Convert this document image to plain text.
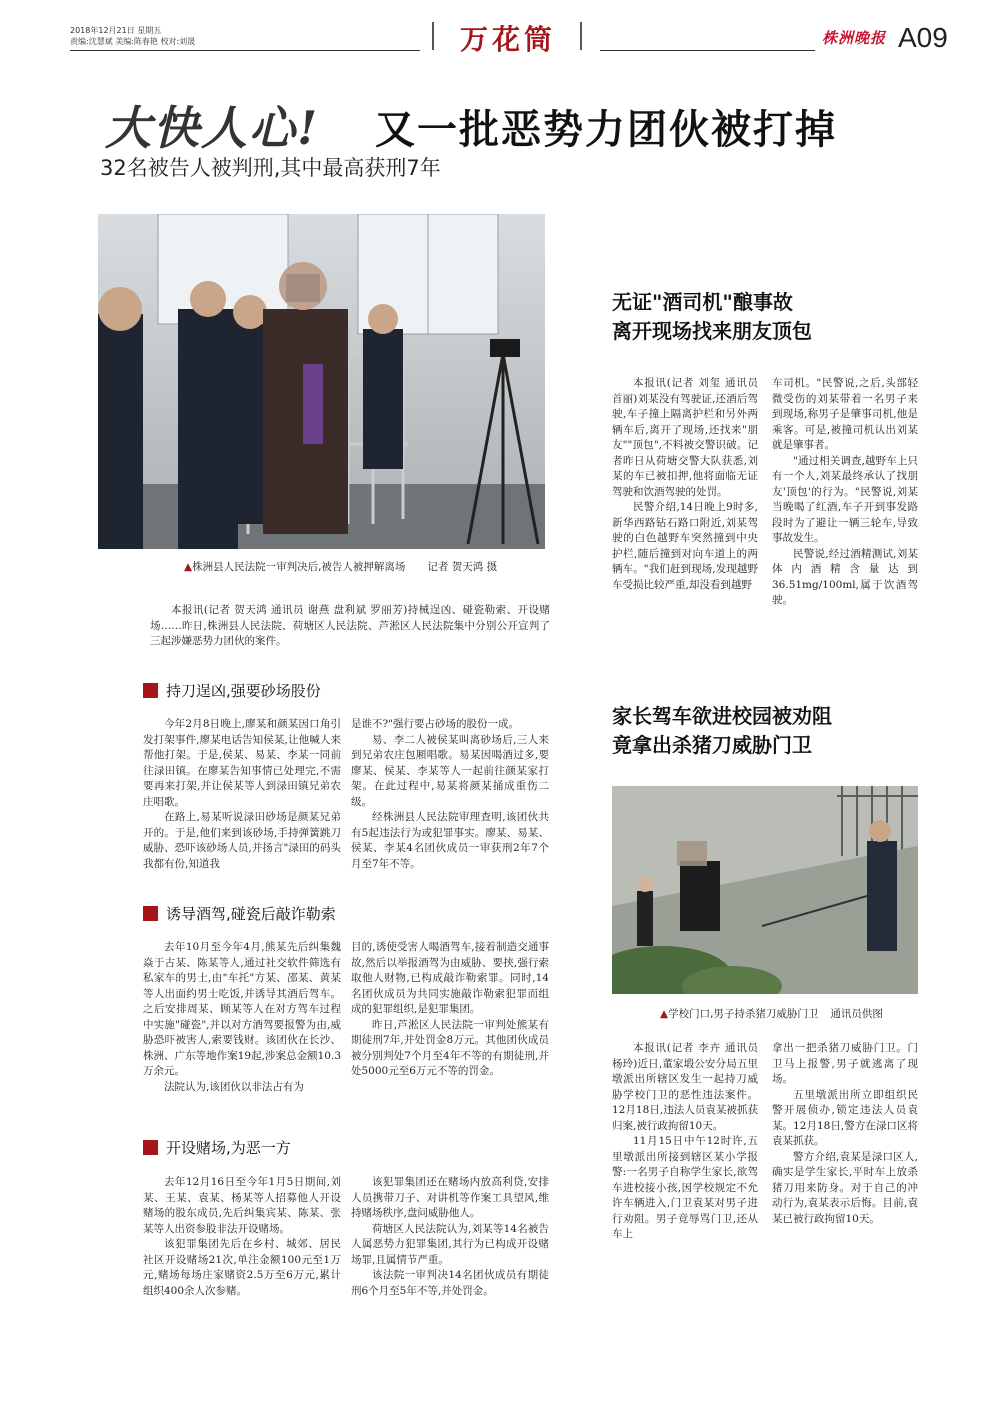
2018年12月21日 星期五
责编:沈慧斌 美编:陈春艳 校对:刘晟	万花筒	株洲晚报 A09
大快人心! 又一批恶势力团伙被打掉
32名被告人被判刑,其中最高获刑7年
▲株洲县人民法院一审判决后,被告人被押解离场 记者 贺天鸿 摄

本报讯(记者 贺天鸿 通讯员 谢燕 盘利斌 罗丽芳)持械逞凶、碰瓷勒索、开设赌场……昨日,株洲县人民法院、荷塘区人民法院、芦淞区人民法院集中分别公开宣判了三起涉嫌恶势力团伙的案件。

持刀逞凶,强要砂场股份

今年2月8日晚上,廖某和颜某因口角引发打架事件,廖某电话告知侯某,让他喊人来帮他打架。于是,侯某、易某、李某一同前往渌田镇。在廖某告知事情已处理完,不需要再来打架,并让侯某等人到渌田镇兄弟农庄唱歌。

在路上,易某听说渌田砂场是颜某兄弟开的。于是,他们来到该砂场,手持弹簧跳刀威胁、恐吓该砂场人员,并扬言"渌田的码头我都有份,知道我

是谁不?"强行要占砂场的股份一成。

易、李二人被侯某叫离砂场后,三人来到兄弟农庄包厢唱歌。易某因喝酒过多,要廖某、侯某、李某等人一起前往颜某家打架。在此过程中,易某将颜某捅成重伤二级。

经株洲县人民法院审理查明,该团伙共有5起违法行为或犯罪事实。廖某、易某、侯某、李某4名团伙成员一审获刑2年7个月至7年不等。

诱导酒驾,碰瓷后敲诈勒索

去年10月至今年4月,熊某先后纠集魏焱于古某、陈某等人,通过社交软件筛选有私家车的男士,由"车托"方某、邵某、黄某等人出面约男士吃饭,并诱导其酒后驾车。之后安排周某、顾某等人在对方驾车过程中实施"碰瓷",并以对方酒驾要报警为由,威胁恐吓被害人,索要钱财。该团伙在长沙、株洲、广东等地作案19起,涉案总金额10.3万余元。

法院认为,该团伙以非法占有为

目的,诱使受害人喝酒驾车,接着制造交通事故,然后以举报酒驾为由威胁、要挟,强行索取他人财物,已构成敲诈勒索罪。同时,14名团伙成员为共同实施敲诈勒索犯罪而组成的犯罪组织,是犯罪集团。

昨日,芦淞区人民法院一审判处熊某有期徒刑7年,并处罚金8万元。其他团伙成员被分别判处7个月至4年不等的有期徒刑,并处5000元至6万元不等的罚金。

开设赌场,为恶一方

去年12月16日至今年1月5日期间,刘某、王某、袁某、杨某等人招募他人开设赌场的股东成员,先后纠集宾某、陈某、张某等人出资参股非法开设赌场。

该犯罪集团先后在乡村、城郊、居民社区开设赌场21次,单注金额100元至1万元,赌场每场庄家赌资2.5万至6万元,累计组织400余人次参赌。

该犯罪集团还在赌场内放高利贷,安排人员携带刀子、对讲机等作案工具望风,维持赌场秩序,盘问威胁他人。

荷塘区人民法院认为,刘某等14名被告人属恶势力犯罪集团,其行为已构成开设赌场罪,且属情节严重。

该法院一审判决14名团伙成员有期徒刑6个月至5年不等,并处罚金。

无证"酒司机"酿事故
离开现场找来朋友顶包

本报讯(记者 刘玺 通讯员 首丽)刘某没有驾驶证,还酒后驾驶,车子撞上隔离护栏和另外两辆车后,离开了现场,还找来"朋友""顶包",不料被交警识破。记者昨日从荷塘交警大队获悉,刘某的车已被扣押,他将面临无证驾驶和饮酒驾驶的处罚。

民警介绍,14日晚上9时多,新华西路钻石路口附近,刘某驾驶的白色越野车突然撞到中央护栏,随后撞到对向车道上的两辆车。"我们赶到现场,发现越野车受损比较严重,却没看到越野

车司机。"民警说,之后,头部轻微受伤的刘某带着一名男子来到现场,称男子是肇事司机,他是乘客。可是,被撞司机认出刘某就是肇事者。

"通过相关调查,越野车上只有一个人,刘某最终承认了找朋友'顶包'的行为。"民警说,刘某当晚喝了红酒,车子开到事发路段时为了避让一辆三轮车,导致事故发生。

民警说,经过酒精测试,刘某体内酒精含量达到36.51mg/100ml,属于饮酒驾驶。

家长驾车欲进校园被劝阻
竟拿出杀猪刀威胁门卫
▲学校门口,男子持杀猪刀威胁门卫 通讯员供图

本报讯(记者 李卉 通讯员 杨玲)近日,董家塅公安分局五里墩派出所辖区发生一起持刀威胁学校门卫的恶性违法案件。12月18日,违法人员袁某被抓获归案,被行政拘留10天。

11月15日中午12时许,五里墩派出所接到辖区某小学报警:一名男子自称学生家长,欲驾车进校接小孩,因学校规定不允许车辆进入,门卫袁某对男子进行劝阻。男子竟辱骂门卫,还从车上

拿出一把杀猪刀威胁门卫。门卫马上报警,男子就逃离了现场。

五里墩派出所立即组织民警开展侦办,锁定违法人员袁某。12月18日,警方在渌口区将袁某抓获。

警方介绍,袁某是渌口区人,确实是学生家长,平时车上放杀猪刀用来防身。对于自己的冲动行为,袁某表示后悔。目前,袁某已被行政拘留10天。
